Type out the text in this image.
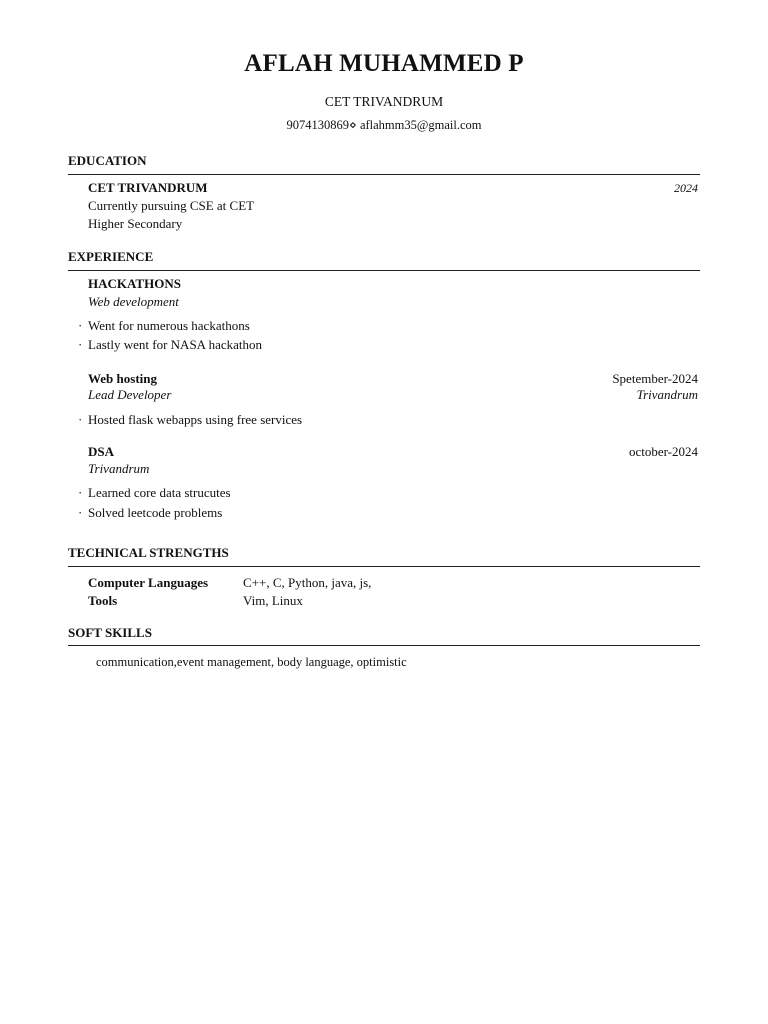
AFLAH MUHAMMED P
CET TRIVANDRUM
9074130869⋄ aflahmm35@gmail.com
EDUCATION
CET TRIVANDRUM	2024
Currently pursuing CSE at CET
Higher Secondary
EXPERIENCE
HACKATHONS
Web development
· Went for numerous hackathons
· Lastly went for NASA hackathon
Web hosting	Spetember-2024
Lead Developer	Trivandrum
· Hosted flask webapps using free services
DSA	october-2024
Trivandrum
· Learned core data strucutes
· Solved leetcode problems
TECHNICAL STRENGTHS
Computer Languages	C++, C, Python, java, js,
Tools	Vim, Linux
SOFT SKILLS
communication,event management, body language, optimistic
